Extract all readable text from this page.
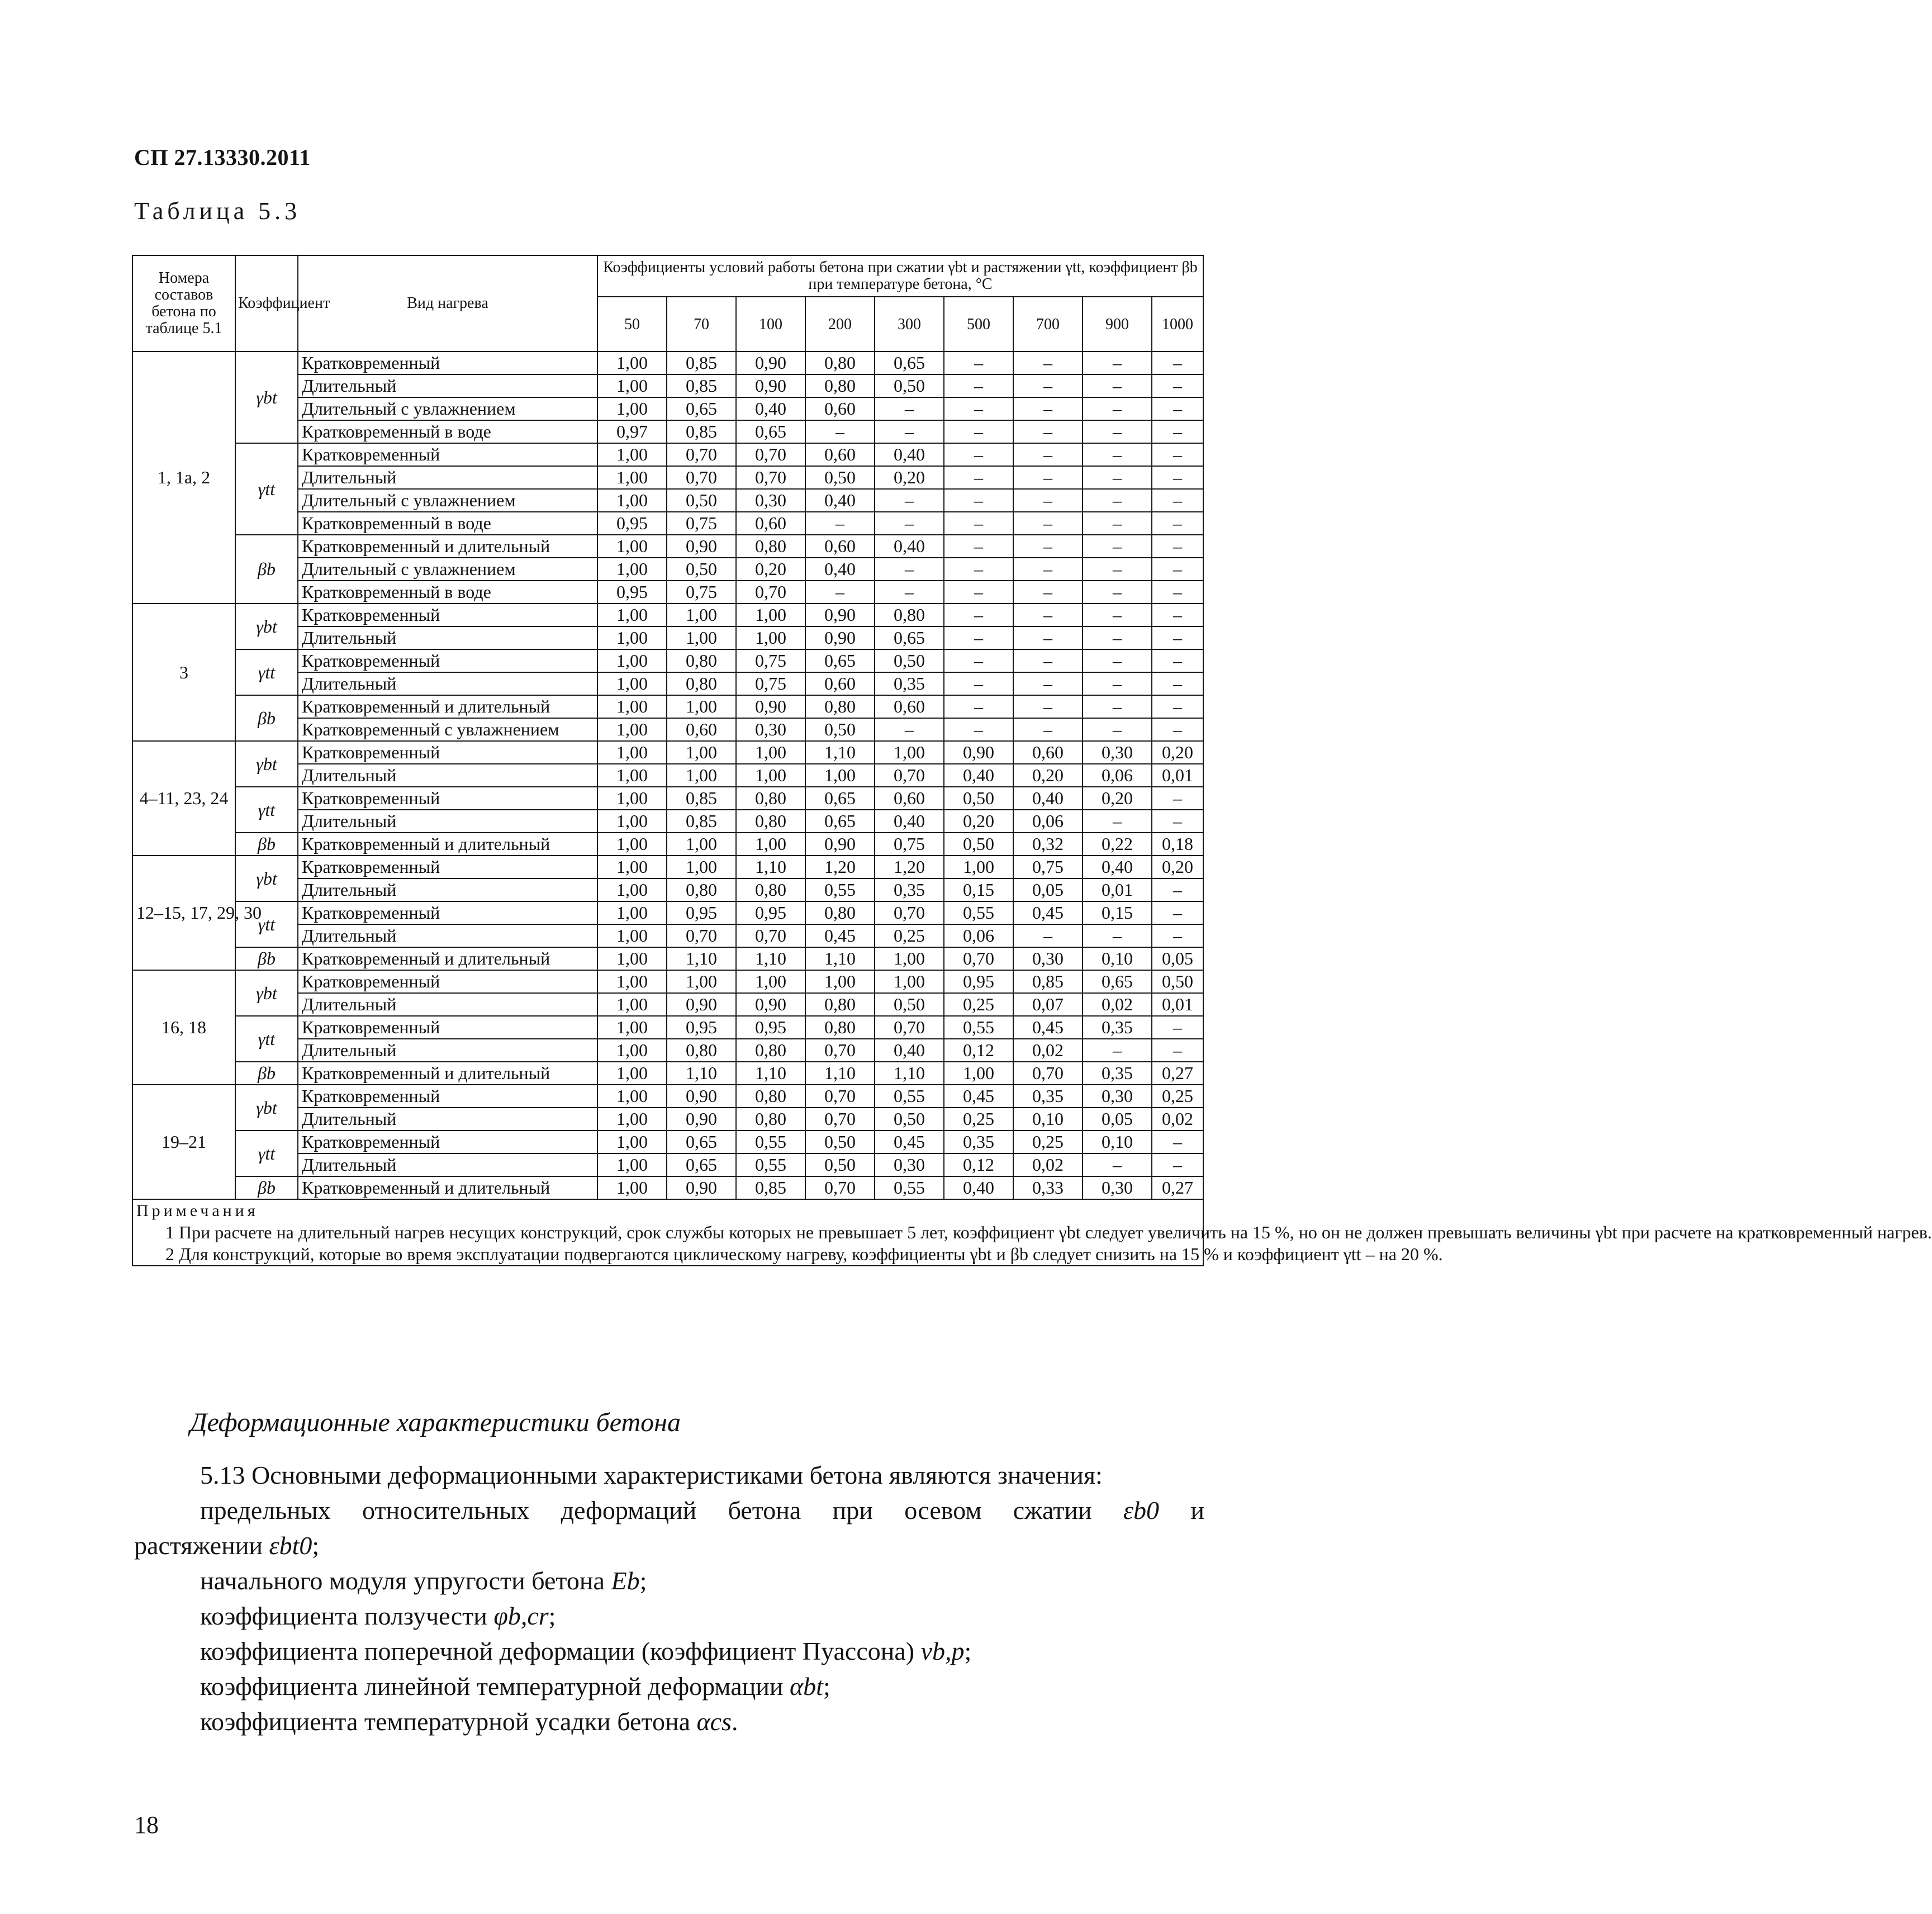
СП 27.13330.2011
Таблица 5.3
Номера составов бетона по таблице 5.1	Коэффициент	Вид нагрева	Коэффициенты условий работы бетона при сжатии γbt и растяжении γtt, коэффициент βb при температуре бетона, °С								
			50	70	100	200	300	500	700	900	1000
1, 1а, 2	γbt	Кратковременный	1,00	0,85	0,90	0,80	0,65	–	–	–	–
		Длительный	1,00	0,85	0,90	0,80	0,50	–	–	–	–
		Длительный с увлажнением	1,00	0,65	0,40	0,60	–	–	–	–	–
		Кратковременный в воде	0,97	0,85	0,65	–	–	–	–	–	–
	γtt	Кратковременный	1,00	0,70	0,70	0,60	0,40	–	–	–	–
		Длительный	1,00	0,70	0,70	0,50	0,20	–	–	–	–
		Длительный с увлажнением	1,00	0,50	0,30	0,40	–	–	–	–	–
		Кратковременный в воде	0,95	0,75	0,60	–	–	–	–	–	–
	βb	Кратковременный и длительный	1,00	0,90	0,80	0,60	0,40	–	–	–	–
		Длительный с увлажнением	1,00	0,50	0,20	0,40	–	–	–	–	–
		Кратковременный в воде	0,95	0,75	0,70	–	–	–	–	–	–
3	γbt	Кратковременный	1,00	1,00	1,00	0,90	0,80	–	–	–	–
		Длительный	1,00	1,00	1,00	0,90	0,65	–	–	–	–
	γtt	Кратковременный	1,00	0,80	0,75	0,65	0,50	–	–	–	–
		Длительный	1,00	0,80	0,75	0,60	0,35	–	–	–	–
	βb	Кратковременный и длительный	1,00	1,00	0,90	0,80	0,60	–	–	–	–
		Кратковременный с увлажнением	1,00	0,60	0,30	0,50	–	–	–	–	–
4–11, 23, 24	γbt	Кратковременный	1,00	1,00	1,00	1,10	1,00	0,90	0,60	0,30	0,20
		Длительный	1,00	1,00	1,00	1,00	0,70	0,40	0,20	0,06	0,01
	γtt	Кратковременный	1,00	0,85	0,80	0,65	0,60	0,50	0,40	0,20	–
		Длительный	1,00	0,85	0,80	0,65	0,40	0,20	0,06	–	–
	βb	Кратковременный и длительный	1,00	1,00	1,00	0,90	0,75	0,50	0,32	0,22	0,18
12–15, 17, 29, 30	γbt	Кратковременный	1,00	1,00	1,10	1,20	1,20	1,00	0,75	0,40	0,20
		Длительный	1,00	0,80	0,80	0,55	0,35	0,15	0,05	0,01	–
	γtt	Кратковременный	1,00	0,95	0,95	0,80	0,70	0,55	0,45	0,15	–
		Длительный	1,00	0,70	0,70	0,45	0,25	0,06	–	–	–
	βb	Кратковременный и длительный	1,00	1,10	1,10	1,10	1,00	0,70	0,30	0,10	0,05
16, 18	γbt	Кратковременный	1,00	1,00	1,00	1,00	1,00	0,95	0,85	0,65	0,50
		Длительный	1,00	0,90	0,90	0,80	0,50	0,25	0,07	0,02	0,01
	γtt	Кратковременный	1,00	0,95	0,95	0,80	0,70	0,55	0,45	0,35	–
		Длительный	1,00	0,80	0,80	0,70	0,40	0,12	0,02	–	–
	βb	Кратковременный и длительный	1,00	1,10	1,10	1,10	1,10	1,00	0,70	0,35	0,27
19–21	γbt	Кратковременный	1,00	0,90	0,80	0,70	0,55	0,45	0,35	0,30	0,25
		Длительный	1,00	0,90	0,80	0,70	0,50	0,25	0,10	0,05	0,02
	γtt	Кратковременный	1,00	0,65	0,55	0,50	0,45	0,35	0,25	0,10	–
		Длительный	1,00	0,65	0,55	0,50	0,30	0,12	0,02	–	–
	βb	Кратковременный и длительный	1,00	0,90	0,85	0,70	0,55	0,40	0,33	0,30	0,27

Примечания

1 При расчете на длительный нагрев несущих конструкций, срок службы которых не превышает 5 лет, коэффициент γbt следует увеличить на 15 %, но он не должен превышать величины γbt при расчете на кратковременный нагрев.

2 Для конструкций, которые во время эксплуатации подвергаются циклическому нагреву, коэффициенты γbt и βb следует снизить на 15 % и коэффициент γtt – на 20 %.											

Деформационные характеристики бетона

5.13 Основными деформационными характеристиками бетона являются значения:

предельных относительных деформаций бетона при осевом сжатии εb0 и

растяжении εbt0;

начального модуля упругости бетона Eb;

коэффициента ползучести φb,cr;

коэффициента поперечной деформации (коэффициент Пуассона) νb,p;

коэффициента линейной температурной деформации αbt;

коэффициента температурной усадки бетона αcs.

18
